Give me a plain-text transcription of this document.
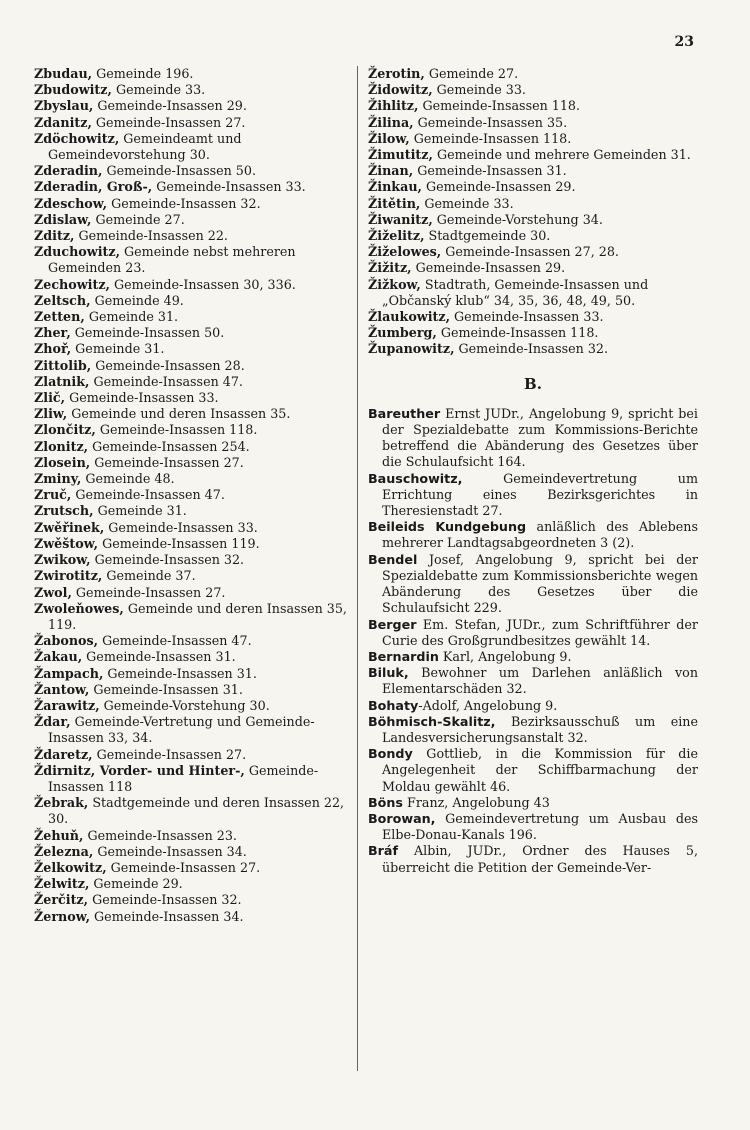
23

Zbudau, Gemeinde 196.

Zbudowitz, Gemeinde 33.

Zbyslau, Gemeinde-Insassen 29.

Zdanitz, Gemeinde-Insassen 27.

Zdöchowitz, Gemeindeamt und Gemeindevorstehung 30.

Zderadin, Gemeinde-Insassen 50.

Zderadin, Groß-, Gemeinde-Insassen 33.

Zdeschow, Gemeinde-Insassen 32.

Zdislaw, Gemeinde 27.

Zditz, Gemeinde-Insassen 22.

Zduchowitz, Gemeinde nebst mehreren Gemeinden 23.

Zechowitz, Gemeinde-Insassen 30, 336.

Zeltsch, Gemeinde 49.

Zetten, Gemeinde 31.

Zher, Gemeinde-Insassen 50.

Zhoř, Gemeinde 31.

Zittolib, Gemeinde-Insassen 28.

Zlatnik, Gemeinde-Insassen 47.

Zlič, Gemeinde-Insassen 33.

Zliw, Gemeinde und deren Insassen 35.

Zlončitz, Gemeinde-Insassen 118.

Zlonitz, Gemeinde-Insassen 254.

Zlosein, Gemeinde-Insassen 27.

Zminy, Gemeinde 48.

Zruč, Gemeinde-Insassen 47.

Zrutsch, Gemeinde 31.

Zwěřinek, Gemeinde-Insassen 33.

Zwěštow, Gemeinde-Insassen 119.

Zwikow, Gemeinde-Insassen 32.

Zwirotitz, Gemeinde 37.

Zwol, Gemeinde-Insassen 27.

Zwoleňowes, Gemeinde und deren Insassen 35, 119.

Žabonos, Gemeinde-Insassen 47.

Žakau, Gemeinde-Insassen 31.

Žampach, Gemeinde-Insassen 31.

Žantow, Gemeinde-Insassen 31.

Žarawitz, Gemeinde-Vorstehung 30.

Ždar, Gemeinde-Vertretung und Gemeinde-Insassen 33, 34.

Ždaretz, Gemeinde-Insassen 27.

Ždirnitz, Vorder- und Hinter-, Gemeinde-Insassen 118

Žebrak, Stadtgemeinde und deren Insassen 22, 30.

Žehuň, Gemeinde-Insassen 23.

Železna, Gemeinde-Insassen 34.

Želkowitz, Gemeinde-Insassen 27.

Želwitz, Gemeinde 29.

Žerčitz, Gemeinde-Insassen 32.

Žernow, Gemeinde-Insassen 34.

Žerotin, Gemeinde 27.

Židowitz, Gemeinde 33.

Žihlitz, Gemeinde-Insassen 118.

Žilina, Gemeinde-Insassen 35.

Žilow, Gemeinde-Insassen 118.

Žimutitz, Gemeinde und mehrere Gemeinden 31.

Žinan, Gemeinde-Insassen 31.

Žinkau, Gemeinde-Insassen 29.

Žitětin, Gemeinde 33.

Žiwanitz, Gemeinde-Vorstehung 34.

Žiželitz, Stadtgemeinde 30.

Žiželowes, Gemeinde-Insassen 27, 28.

Žižitz, Gemeinde-Insassen 29.

Žižkow, Stadtrath, Gemeinde-Insassen und „Občanský klub“ 34, 35, 36, 48, 49, 50.

Žlaukowitz, Gemeinde-Insassen 33.

Žumberg, Gemeinde-Insassen 118.

Županowitz, Gemeinde-Insassen 32.

B.

Bareuther Ernst JUDr., Angelobung 9, spricht bei der Spezialdebatte zum Kommissions-Berichte betreffend die Abänderung des Gesetzes über die Schulaufsicht 164.

Bauschowitz, Gemeindevertretung um Errichtung eines Bezirksgerichtes in Theresienstadt 27.

Beileids Kundgebung anläßlich des Ablebens mehrerer Landtagsabgeordneten 3 (2).

Bendel Josef, Angelobung 9, spricht bei der Spezialdebatte zum Kommissionsberichte wegen Abänderung des Gesetzes über die Schulaufsicht 229.

Berger Em. Stefan, JUDr., zum Schriftführer der Curie des Großgrundbesitzes gewählt 14.

Bernardin Karl, Angelobung 9.

Biluk, Bewohner um Darlehen anläßlich von Elementarschäden 32.

Bohaty-Adolf, Angelobung 9.

Böhmisch-Skalitz, Bezirksausschuß um eine Landesversicherungsanstalt 32.

Bondy Gottlieb, in die Kommission für die Angelegenheit der Schiffbarmachung der Moldau gewählt 46.

Böns Franz, Angelobung 43

Borowan, Gemeindevertretung um Ausbau des Elbe-Donau-Kanals 196.

Bráf Albin, JUDr., Ordner des Hauses 5, überreicht die Petition der Gemeinde-Ver-
